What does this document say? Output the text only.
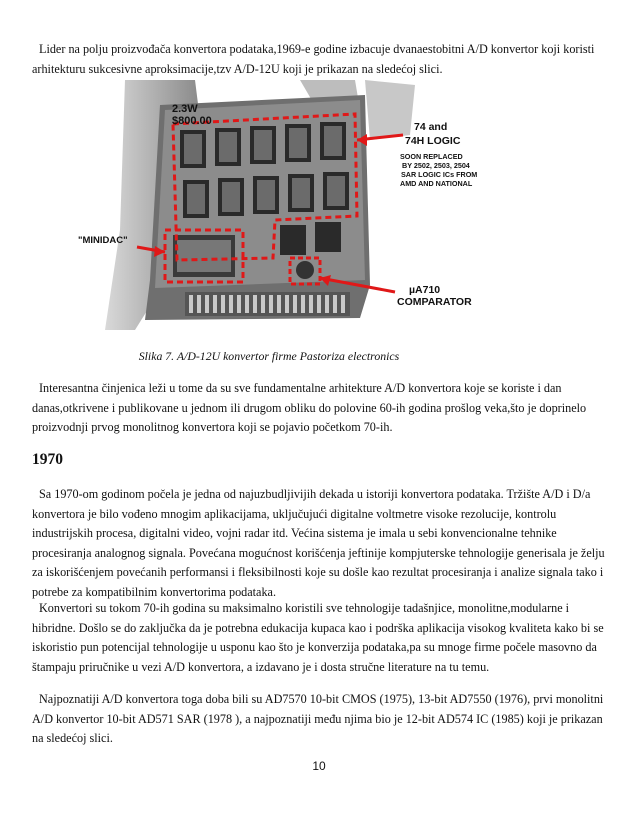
Lider na polju proizvođača konvertora podataka,1969-e godine izbacuje dvanaestobitni A/D konvertor koji koristi arhitekturu sukcesivne aproksimacije,tzv A/D-12U koji je prikazan na sledećoj slici.

2.3W

$800.00	74 and

74H LOGIC

SOON REPLACED

BY 2502, 2503, 2504

SAR LOGIC ICs FROM

AMD AND NATIONAL

"MINIDAC"

µA710

COMPARATOR

Slika 7. A/D-12U konvertor firme Pastoriza electronics

Interesantna činjenica leži u tome da su sve fundamentalne arhitekture A/D konvertora koje se koriste i dan danas,otkrivene i publikovane u jednom ili drugom obliku do polovine 60-ih godina prošlog veka,što je doprinelo proizvodnji prvog monolitnog konvertora koji se pojavio početkom 70-ih.

1970

Sa 1970-om godinom počela je jedna od najuzbudljivijih dekada u istoriji konvertora podataka. Tržište A/D i D/a konvertora je bilo vođeno mnogim aplikacijama, uključujući digitalne voltmetre visoke rezolucije, kontrolu industrijskih procesa, digitalni video, vojni radar itd. Većina sistema je imala u sebi konvencionalne tehnike procesiranja analognog signala. Povećana mogućnost korišćenja jeftinije kompjuterske tehnologije generisala je želju za iskorišćenjem povećanih performansi i fleksibilnosti koje su došle kao rezultat procesiranja i analize signala tako i potrebe za kompatibilnim konvertorima podataka.

Konvertori su tokom 70-ih godina su maksimalno koristili sve tehnologije tadašnjice, monolitne,modularne i hibridne. Došlo se do zaključka da je potrebna edukacija kupaca kao i podrška aplikacija visokog kvaliteta kako bi se iskoristio pun potencijal tehnologije u usponu kao što je konverzija podataka,pa su mnoge firme počele masovno da štampaju priručnike u vezi A/D konvertora, a izdavano je i dosta stručne literature na tu temu.

Najpoznatiji A/D konvertora toga doba bili su AD7570 10-bit CMOS (1975), 13-bit AD7550 (1976), prvi monolitni A/D konvertor 10-bit AD571 SAR (1978 ), a najpoznatiji među njima bio je 12-bit AD574 IC (1985) koji je prikazan na sledećoj slici.

10
